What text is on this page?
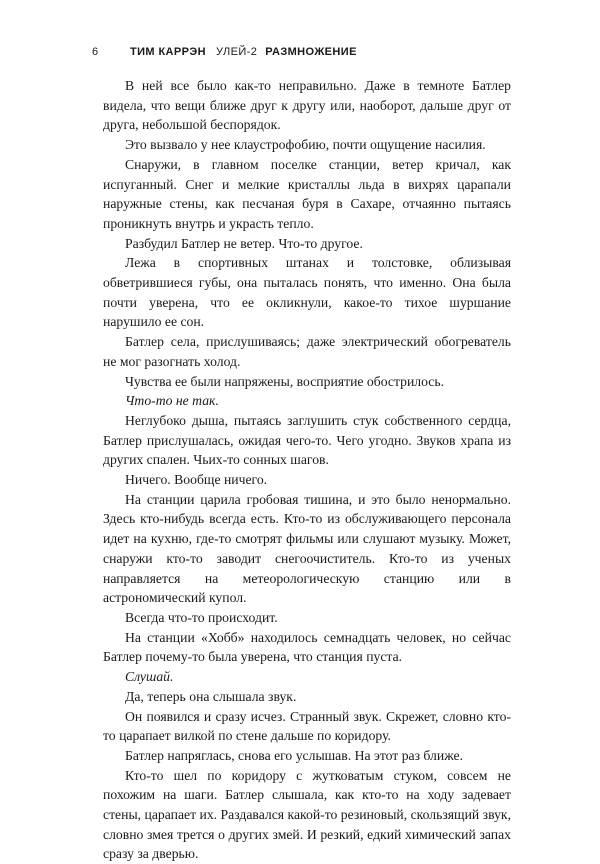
6	ТИМ КАРРЭН УЛЕЙ-2 РАЗМНОЖЕНИЕ

В ней все было как-то неправильно. Даже в темноте Батлер видела, что вещи ближе друг к другу или, наоборот, дальше друг от друга, небольшой беспорядок.

Это вызвало у нее клаустрофобию, почти ощущение насилия.

Снаружи, в главном поселке станции, ветер кричал, как испуганный. Снег и мелкие кристаллы льда в вихрях царапали наружные стены, как песчаная буря в Сахаре, отчаянно пытаясь проникнуть внутрь и украсть тепло.

Разбудил Батлер не ветер. Что-то другое.

Лежа в спортивных штанах и толстовке, облизывая обветрившиеся губы, она пыталась понять, что именно. Она была почти уверена, что ее окликнули, какое-то тихое шуршание нарушило ее сон.

Батлер села, прислушиваясь; даже электрический обогреватель не мог разогнать холод.

Чувства ее были напряжены, восприятие обострилось.

Что-то не так.

Неглубоко дыша, пытаясь заглушить стук собственного сердца, Батлер прислушалась, ожидая чего-то. Чего угодно. Звуков храпа из других спален. Чьих-то сонных шагов.

Ничего. Вообще ничего.

На станции царила гробовая тишина, и это было ненормально. Здесь кто-нибудь всегда есть. Кто-то из обслуживающего персонала идет на кухню, где-то смотрят фильмы или слушают музыку. Может, снаружи кто-то заводит снегоочиститель. Кто-то из ученых направляется на метеорологическую станцию или в астрономический купол.

Всегда что-то происходит.

На станции «Хобб» находилось семнадцать человек, но сейчас Батлер почему-то была уверена, что станция пуста.

Слушай.

Да, теперь она слышала звук.

Он появился и сразу исчез. Странный звук. Скрежет, словно кто-то царапает вилкой по стене дальше по коридору.

Батлер напряглась, снова его услышав. На этот раз ближе.

Кто-то шел по коридору с жутковатым стуком, совсем не похожим на шаги. Батлер слышала, как кто-то на ходу задевает стены, царапает их. Раздавался какой-то резиновый, скользящий звук, словно змея трется о других змей. И резкий, едкий химический запах сразу за дверью.
